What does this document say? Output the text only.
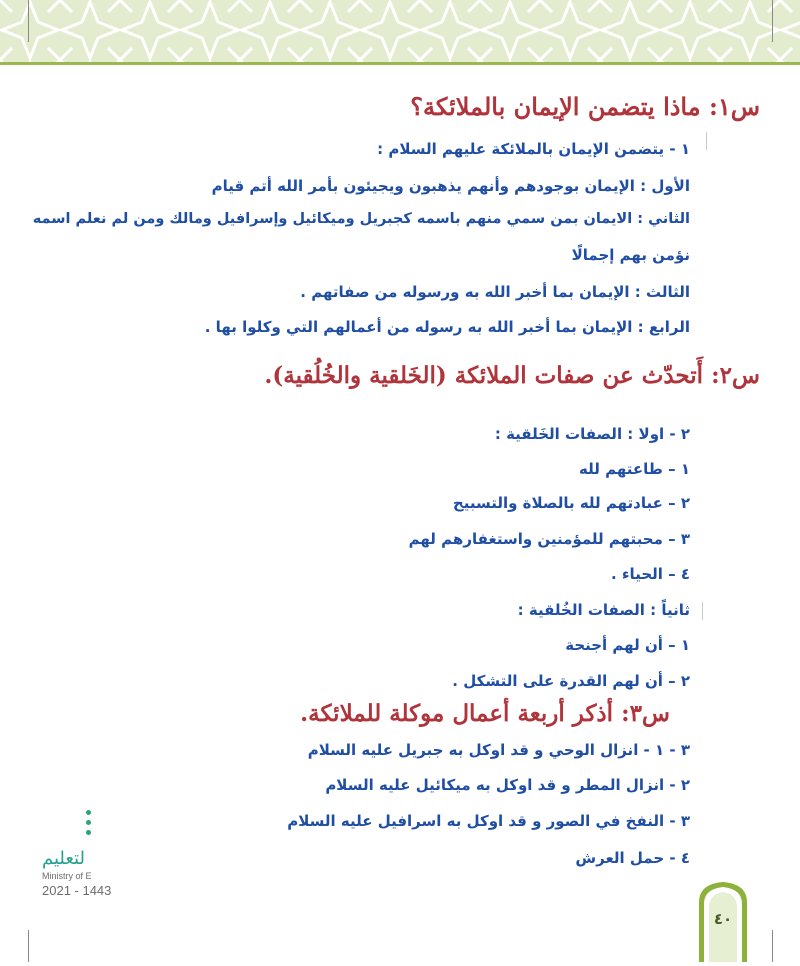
س١: ماذا يتضمن الإيمان بالملائكة؟
١ - يتضمن الإيمان بالملائكة عليهم السلام :
الأول : الإيمان بوجودهم وأنهم يذهبون ويجيئون بأمر الله أتم قيام
الثاني : الايمان بمن سمي منهم باسمه كجبريل وميكائيل وإسرافيل ومالك ومن لم نعلم اسمه
نؤمن بهم إجمالًا
الثالث : الإيمان بما أخبر الله به ورسوله من صفاتهم .
الرابع : الإيمان بما أخبر الله به رسوله من أعمالهم التي وكلوا بها .
س٢: أَتحدّث عن صفات الملائكة (الخَلقية والخُلُقية).
٢ - اولا : الصفات الخَلقية :
١ – طاعتهم لله
٢ – عبادتهم لله بالصلاة والتسبيح
٣ – محبتهم للمؤمنين واستغفارهم لهم
٤ – الحياء .
ثانياً : الصفات الخُلقية :
١ – أن لهم أجنحة
٢ – أن لهم القدرة على التشكل .
س٣: أذكر أربعة أعمال موكلة للملائكة.
٣ - ١ - انزال الوحي و قد اوكل به جبريل عليه السلام
٢ - انزال المطر و قد اوكل به ميكائيل عليه السلام
٣ - النفخ في الصور و قد اوكل به اسرافيل عليه السلام
٤ - حمل العرش
لتعليم
Ministry of E
2021 - 1443
٤٠
